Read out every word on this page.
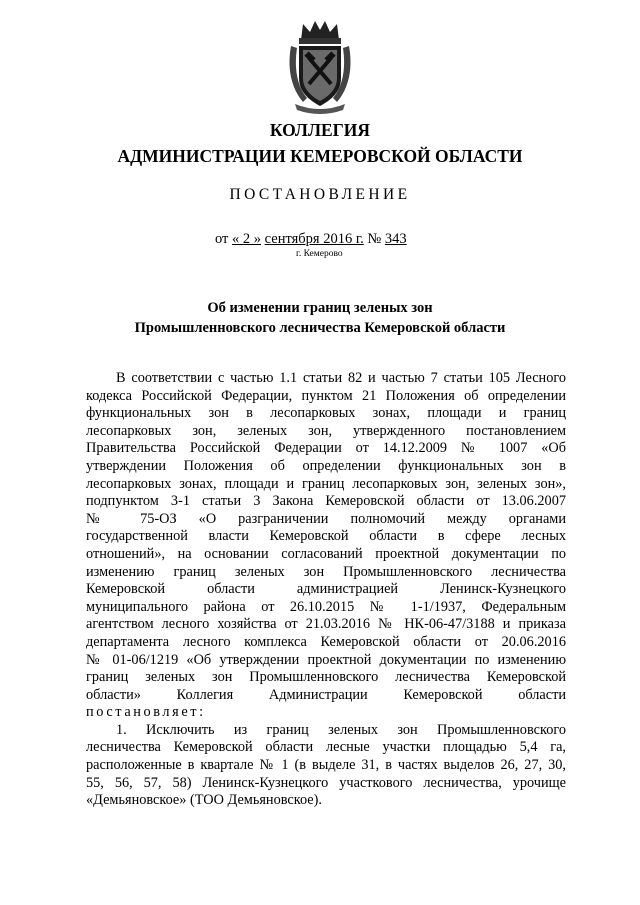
КОЛЛЕГИЯ
АДМИНИСТРАЦИИ КЕМЕРОВСКОЙ ОБЛАСТИ
ПОСТАНОВЛЕНИЕ
от « 2 » сентября 2016 г. № 343
г. Кемерово
Об изменении границ зеленых зон
Промышленновского лесничества Кемеровской области
В соответствии с частью 1.1 статьи 82 и частью 7 статьи 105 Лесного
кодекса Российской Федерации, пунктом 21 Положения об определении
функциональных зон в лесопарковых зонах, площади и границ
лесопарковых зон, зеленых зон, утвержденного постановлением
Правительства Российской Федерации от 14.12.2009 № 1007 «Об
утверждении Положения об определении функциональных зон в
лесопарковых зонах, площади и границ лесопарковых зон, зеленых зон»,
подпунктом 3-1 статьи 3 Закона Кемеровской области от 13.06.2007
№ 75-ОЗ «О разграничении полномочий между органами
государственной власти Кемеровской области в сфере лесных
отношений», на основании согласований проектной документации по
изменению границ зеленых зон Промышленновского лесничества
Кемеровской области администрацией Ленинск-Кузнецкого
муниципального района от 26.10.2015 № 1-1/1937, Федеральным
агентством лесного хозяйства от 21.03.2016 № НК-06-47/3188 и приказа
департамента лесного комплекса Кемеровской области от 20.06.2016
№ 01-06/1219 «Об утверждении проектной документации по изменению
границ зеленых зон Промышленновского лесничества Кемеровской
области» Коллегия Администрации Кемеровской области
постановляет:
1. Исключить из границ зеленых зон Промышленновского
лесничества Кемеровской области лесные участки площадью 5,4 га,
расположенные в квартале № 1 (в выделе 31, в частях выделов 26, 27, 30,
55, 56, 57, 58) Ленинск-Кузнецкого участкового лесничества, урочище
«Демьяновское» (ТОО Демьяновское).
